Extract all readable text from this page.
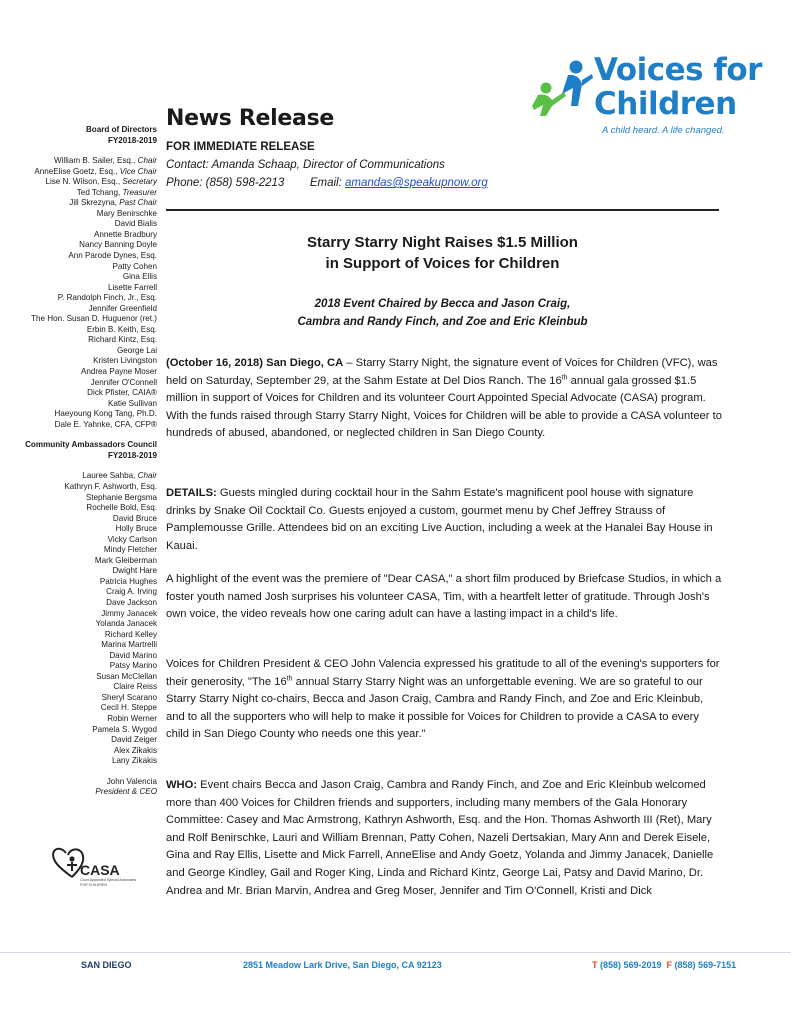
Voices for
Children
A child heard. A life changed.
Board of Directors
FY2018-2019
William B. Sailer, Esq., Chair
AnneElise Goetz, Esq., Vice Chair
Lise N. Wilson, Esq., Secretary
Ted Tchang, Treasurer
Jill Skrezyna, Past Chair
Mary Benirschke
David Bialis
Annette Bradbury
Nancy Banning Doyle
Ann Parode Dynes, Esq.
Patty Cohen
Gina Ellis
Lisette Farrell
P. Randolph Finch, Jr., Esq.
Jennifer Greenfield
The Hon. Susan D. Huguenor (ret.)
Erbin B. Keith, Esq.
Richard Kintz, Esq.
George Lai
Kristen Livingston
Andrea Payne Moser
Jennifer O'Connell
Dick Pfister, CAIA®
Katie Sullivan
Haeyoung Kong Tang, Ph.D.
Dale E. Yahnke, CFA, CFP®
Community Ambassadors Council
FY2018-2019
Lauree Sahba, Chair
Kathryn F. Ashworth, Esq.
Stephanie Bergsma
Rochelle Bold, Esq.
David Bruce
Holly Bruce
Vicky Carlson
Mindy Fletcher
Mark Gleiberman
Dwight Hare
Patricia Hughes
Craig A. Irving
Dave Jackson
Jimmy Janacek
Yolanda Janacek
Richard Kelley
Marina Martrelli
David Marino
Patsy Marino
Susan McClellan
Claire Reiss
Sheryl Scarano
Cecil H. Steppe
Robin Werner
Pamela S. Wygod
David Zeiger
Alex Zikakis
Lany Zikakis
John Valencia
President & CEO
CASA
Court Appointed Special Advocates
FOR CHILDREN
News Release
FOR IMMEDIATE RELEASE
Contact: Amanda Schaap, Director of Communications
Phone: (858) 598-2213        Email: amandas@speakupnow.org
Starry Starry Night Raises $1.5 Million
in Support of Voices for Children
2018 Event Chaired by Becca and Jason Craig,
Cambra and Randy Finch, and Zoe and Eric Kleinbub
(October 16, 2018) San Diego, CA – Starry Starry Night, the signature event of Voices for Children (VFC), was held on Saturday, September 29, at the Sahm Estate at Del Dios Ranch. The 16th annual gala grossed $1.5 million in support of Voices for Children and its volunteer Court Appointed Special Advocate (CASA) program. With the funds raised through Starry Starry Night, Voices for Children will be able to provide a CASA volunteer to hundreds of abused, abandoned, or neglected children in San Diego County.
DETAILS: Guests mingled during cocktail hour in the Sahm Estate's magnificent pool house with signature drinks by Snake Oil Cocktail Co. Guests enjoyed a custom, gourmet menu by Chef Jeffrey Strauss of Pamplemousse Grille. Attendees bid on an exciting Live Auction, including a week at the Hanalei Bay House in Kauai.
A highlight of the event was the premiere of "Dear CASA," a short film produced by Briefcase Studios, in which a foster youth named Josh surprises his volunteer CASA, Tim, with a heartfelt letter of gratitude. Through Josh's own voice, the video reveals how one caring adult can have a lasting impact in a child's life.
Voices for Children President & CEO John Valencia expressed his gratitude to all of the evening's supporters for their generosity, "The 16th annual Starry Starry Night was an unforgettable evening. We are so grateful to our Starry Starry Night co-chairs, Becca and Jason Craig, Cambra and Randy Finch, and Zoe and Eric Kleinbub, and to all the supporters who will help to make it possible for Voices for Children to provide a CASA to every child in San Diego County who needs one this year."
WHO: Event chairs Becca and Jason Craig, Cambra and Randy Finch, and Zoe and Eric Kleinbub welcomed more than 400 Voices for Children friends and supporters, including many members of the Gala Honorary Committee: Casey and Mac Armstrong, Kathryn Ashworth, Esq. and the Hon. Thomas Ashworth III (Ret), Mary and Rolf Benirschke, Lauri and William Brennan, Patty Cohen, Nazeli Dertsakian, Mary Ann and Derek Eisele, Gina and Ray Ellis, Lisette and Mick Farrell, AnneElise and Andy Goetz, Yolanda and Jimmy Janacek, Danielle and George Kindley, Gail and Roger King, Linda and Richard Kintz, George Lai, Patsy and David Marino, Dr. Andrea and Mr. Brian Marvin, Andrea and Greg Moser, Jennifer and Tim O'Connell, Kristi and Dick
SAN DIEGO	2851 Meadow Lark Drive, San Diego, CA 92123	T (858) 569-2019  F (858) 569-7151
